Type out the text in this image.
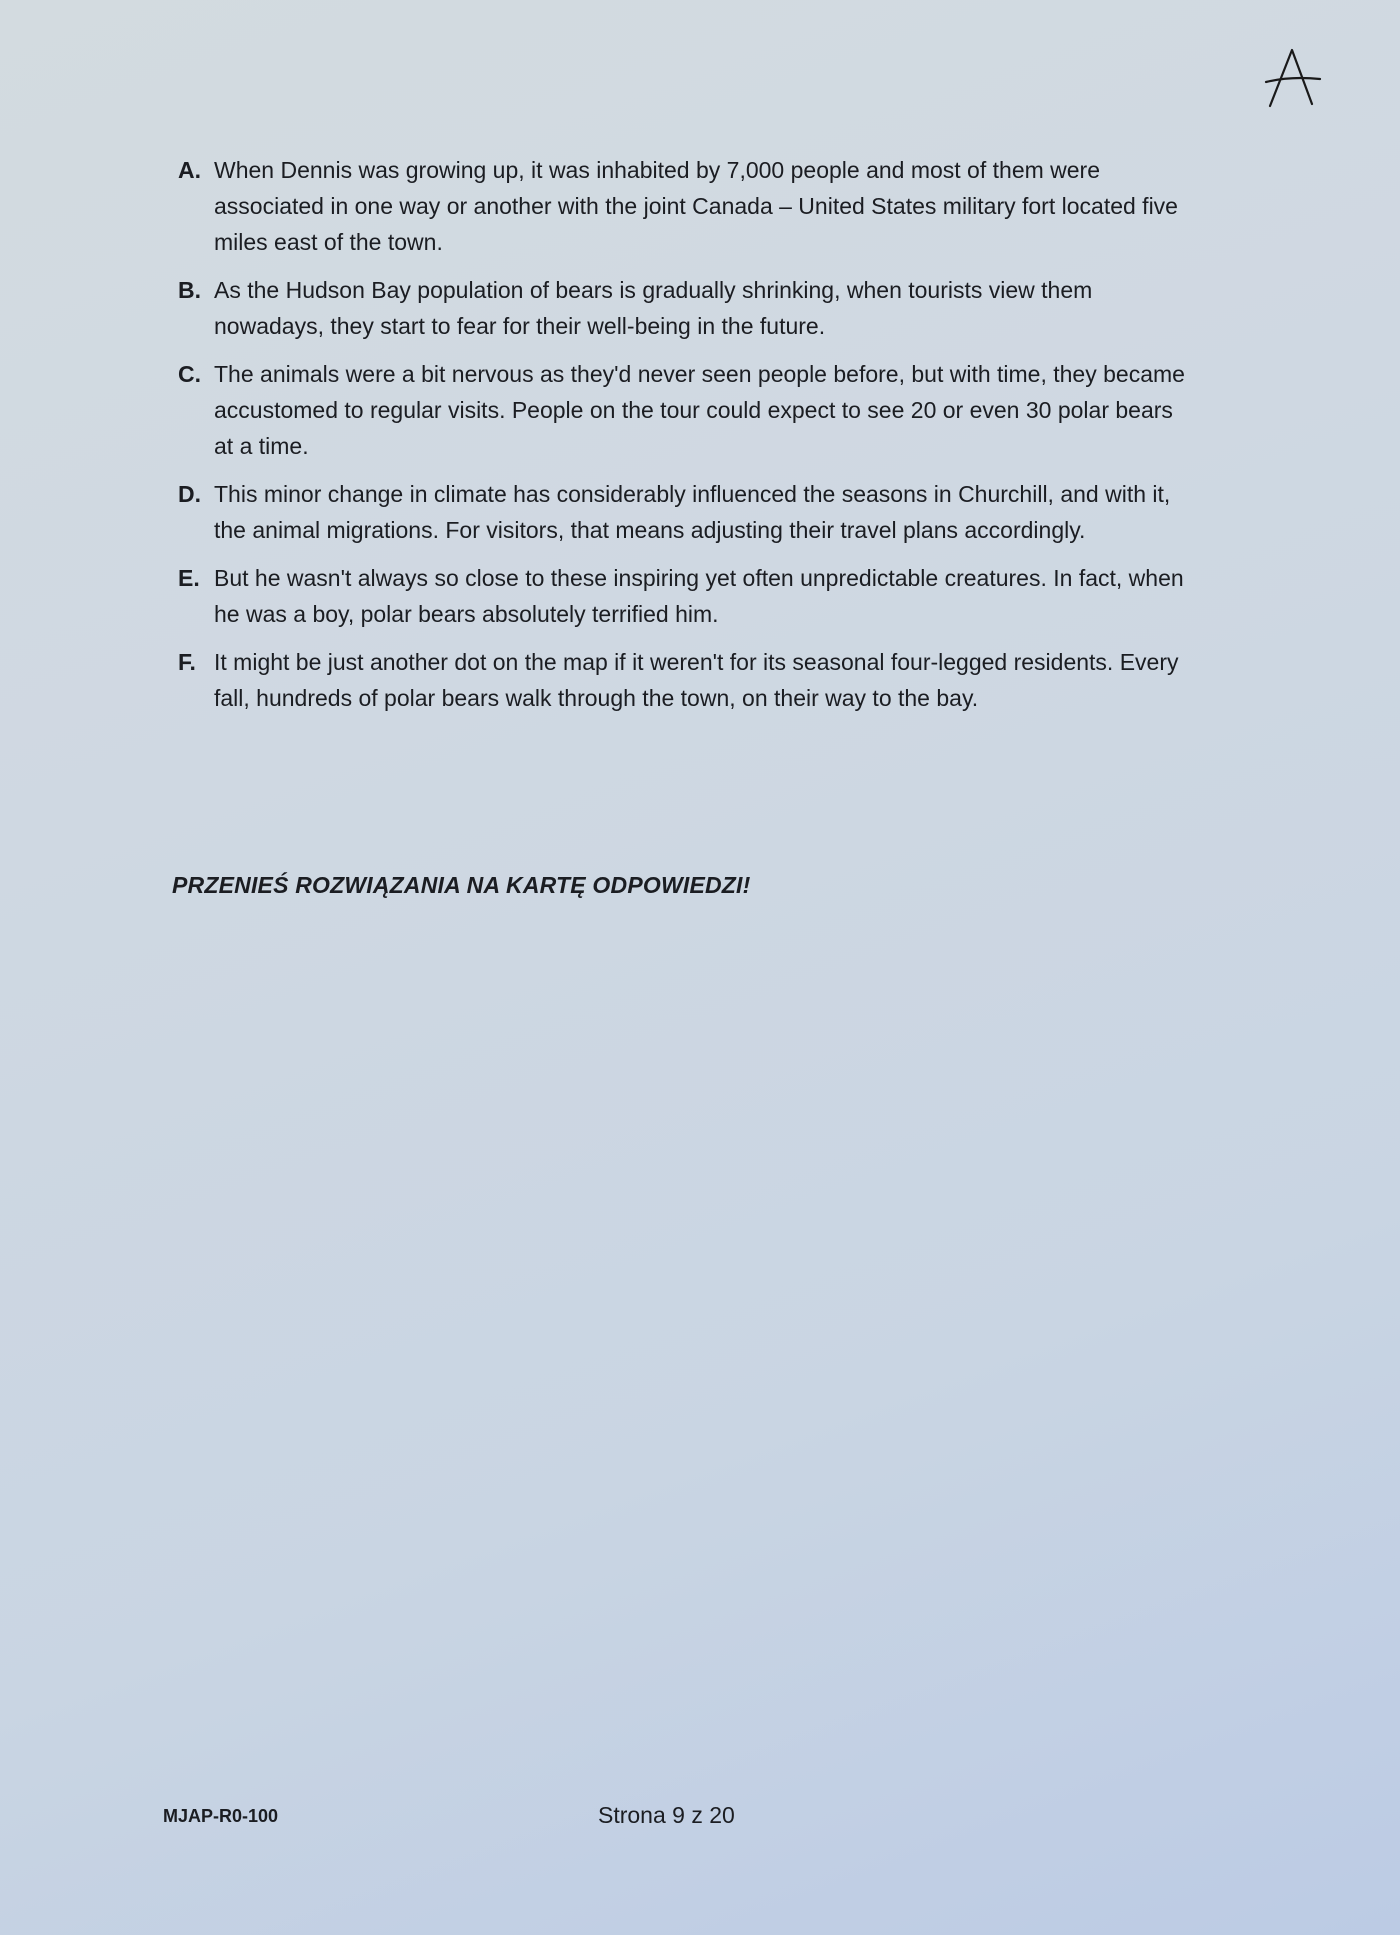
A. When Dennis was growing up, it was inhabited by 7,000 people and most of them were associated in one way or another with the joint Canada – United States military fort located five miles east of the town.
B. As the Hudson Bay population of bears is gradually shrinking, when tourists view them nowadays, they start to fear for their well-being in the future.
C. The animals were a bit nervous as they'd never seen people before, but with time, they became accustomed to regular visits. People on the tour could expect to see 20 or even 30 polar bears at a time.
D. This minor change in climate has considerably influenced the seasons in Churchill, and with it, the animal migrations. For visitors, that means adjusting their travel plans accordingly.
E. But he wasn't always so close to these inspiring yet often unpredictable creatures. In fact, when he was a boy, polar bears absolutely terrified him.
F. It might be just another dot on the map if it weren't for its seasonal four-legged residents. Every fall, hundreds of polar bears walk through the town, on their way to the bay.
PRZENIEŚ ROZWIĄZANIA NA KARTĘ ODPOWIEDZI!
MJAP-R0-100	Strona 9 z 20
